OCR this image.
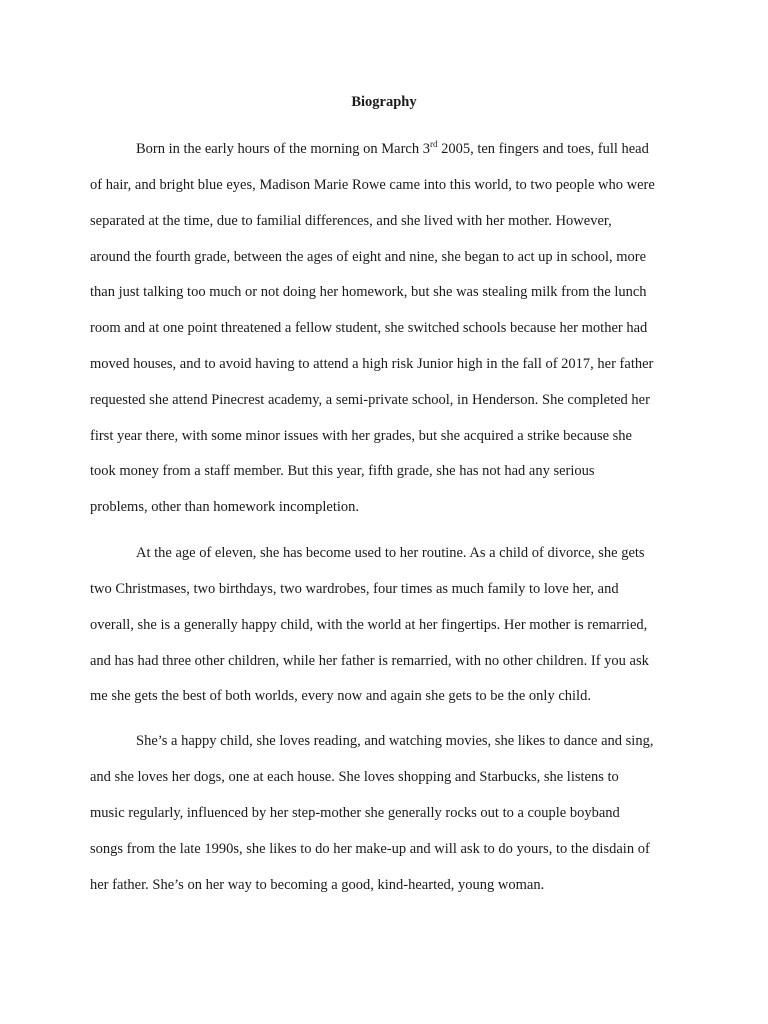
Biography
Born in the early hours of the morning on March 3rd 2005, ten fingers and toes, full head
of hair, and bright blue eyes, Madison Marie Rowe came into this world, to two people who were
separated at the time, due to familial differences, and she lived with her mother. However,
around the fourth grade, between the ages of eight and nine, she began to act up in school, more
than just talking too much or not doing her homework, but she was stealing milk from the lunch
room and at one point threatened a fellow student, she switched schools because her mother had
moved houses, and to avoid having to attend a high risk Junior high in the fall of 2017, her father
requested she attend Pinecrest academy, a semi-private school, in Henderson. She completed her
first year there, with some minor issues with her grades, but she acquired a strike because she
took money from a staff member. But this year, fifth grade, she has not had any serious
problems, other than homework incompletion.
At the age of eleven, she has become used to her routine. As a child of divorce, she gets
two Christmases, two birthdays, two wardrobes, four times as much family to love her, and
overall, she is a generally happy child, with the world at her fingertips. Her mother is remarried,
and has had three other children, while her father is remarried, with no other children. If you ask
me she gets the best of both worlds, every now and again she gets to be the only child.
She’s a happy child, she loves reading, and watching movies, she likes to dance and sing,
and she loves her dogs, one at each house. She loves shopping and Starbucks, she listens to
music regularly, influenced by her step-mother she generally rocks out to a couple boyband
songs from the late 1990s, she likes to do her make-up and will ask to do yours, to the disdain of
her father. She’s on her way to becoming a good, kind-hearted, young woman.
